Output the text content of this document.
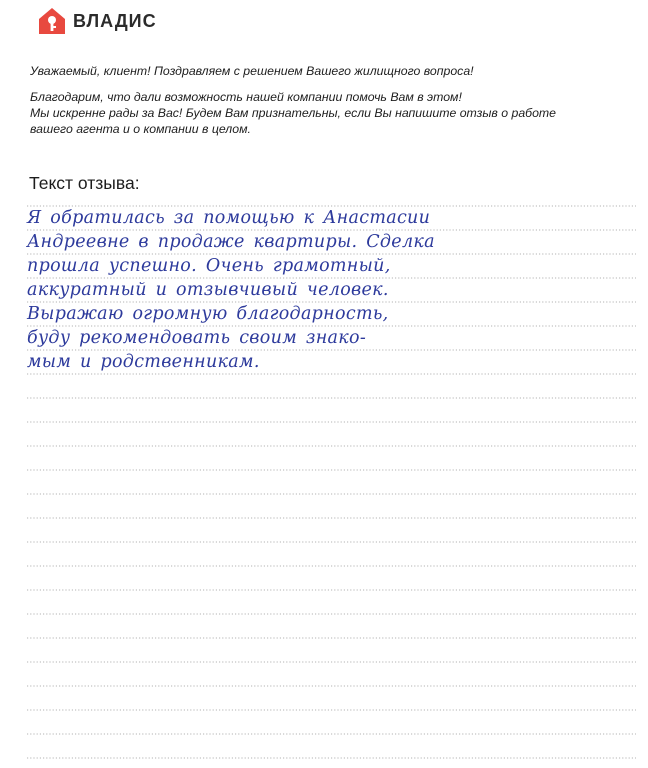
ВЛАДИС

Уважаемый, клиент! Поздравляем с решением Вашего жилищного вопроса!

Благодарим, что дали возможность нашей компании помочь Вам в этом!

Мы искренне рады за Вас! Будем Вам признательны, если Вы напишите отзыв о работе

вашего агента и о компании в целом.

Текст отзыва:

Я обратилась за помощью к Анастасии

Андреевне в продаже квартиры. Сделка

прошла успешно. Очень грамотный,

аккуратный и отзывчивый человек.

Выражаю огромную благодарность,

буду рекомендовать своим знако-

мым и родственникам.
